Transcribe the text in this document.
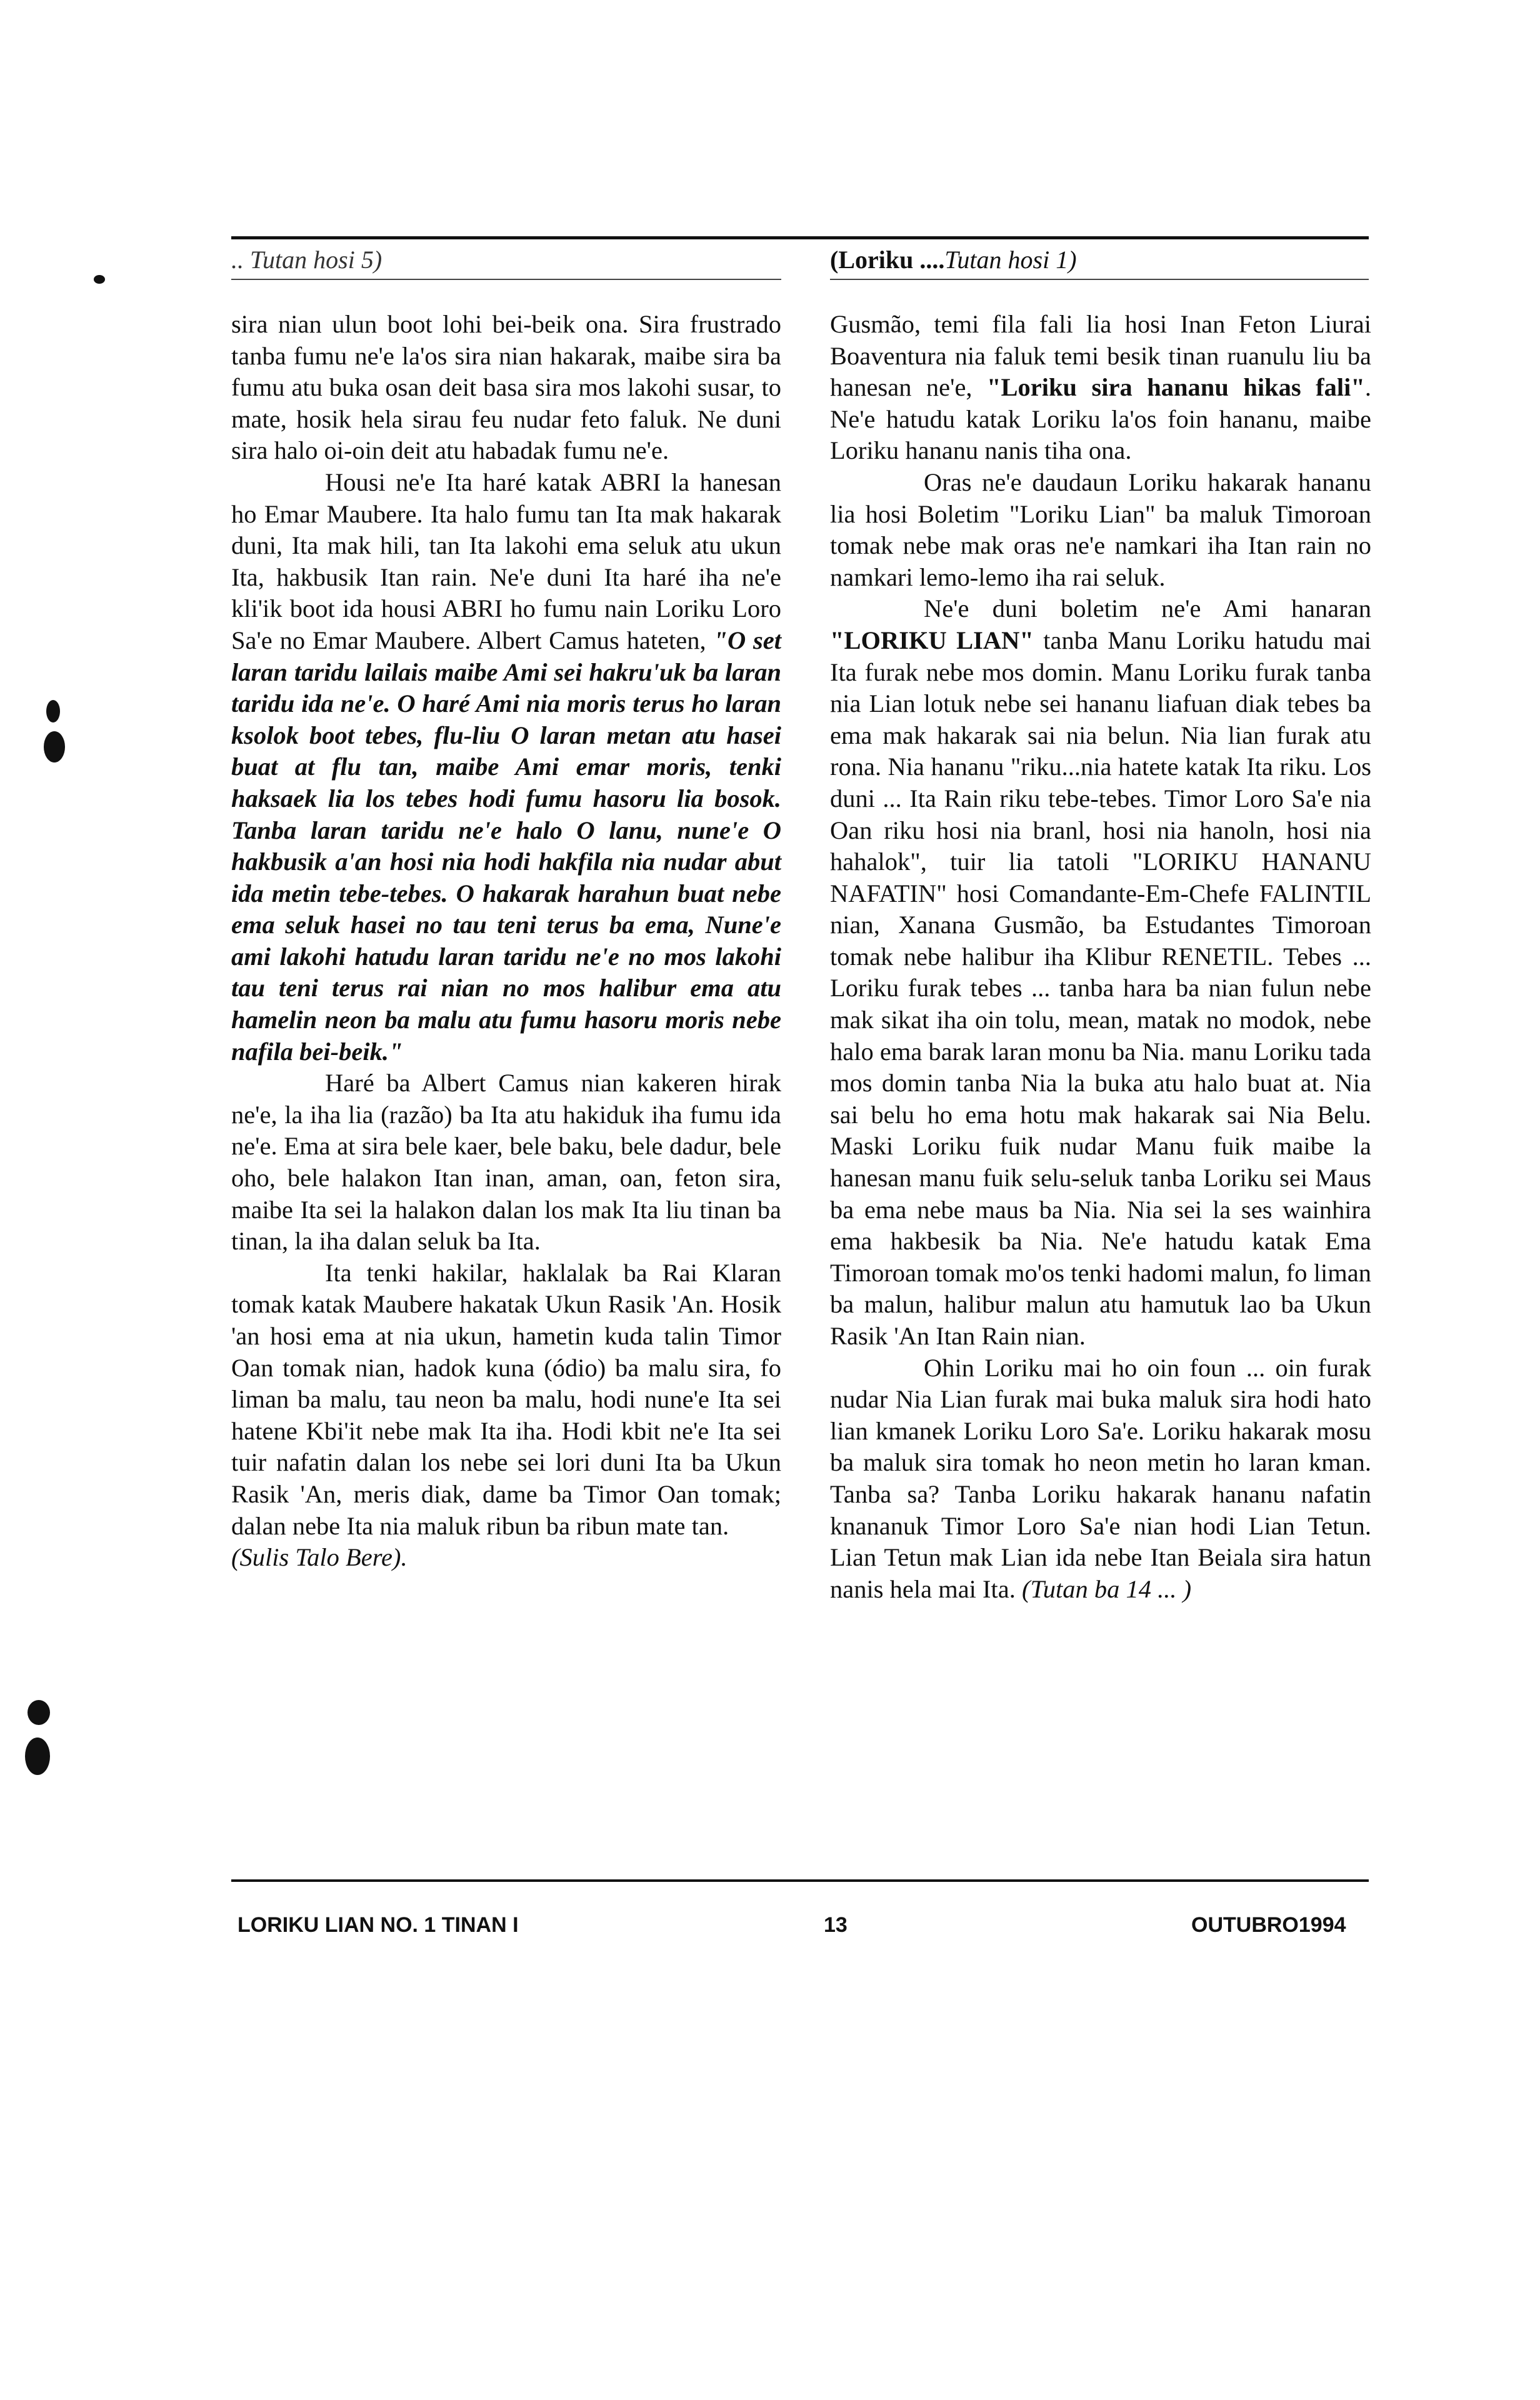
.. Tutan hosi 5)	(Loriku ....Tutan hosi 1)

sira nian ulun boot lohi bei-beik ona. Sira frustrado tanba fumu ne'e la'os sira nian hakarak, maibe sira ba fumu atu buka osan deit basa sira mos lakohi susar, to mate, hosik hela sirau feu nudar feto faluk. Ne duni sira halo oi-oin deit atu habadak fumu ne'e.

Housi ne'e Ita haré katak ABRI la hanesan ho Emar Maubere. Ita halo fumu tan Ita mak hakarak duni, Ita mak hili, tan Ita lakohi ema seluk atu ukun Ita, hakbusik Itan rain. Ne'e duni Ita haré iha ne'e kli'ik boot ida housi ABRI ho fumu nain Loriku Loro Sa'e no Emar Maubere. Albert Camus hateten, "O set laran taridu lailais maibe Ami sei hakru'uk ba laran taridu ida ne'e. O haré Ami nia moris terus ho laran ksolok boot tebes, flu-liu O laran metan atu hasei buat at flu tan, maibe Ami emar moris, tenki haksaek lia los tebes hodi fumu hasoru lia bosok. Tanba laran taridu ne'e halo O lanu, nune'e O hakbusik a'an hosi nia hodi hakfila nia nudar abut ida metin tebe-tebes. O hakarak harahun buat nebe ema seluk hasei no tau teni terus ba ema, Nune'e ami lakohi hatudu laran taridu ne'e no mos lakohi tau teni terus rai nian no mos halibur ema atu hamelin neon ba malu atu fumu hasoru moris nebe nafila bei-beik."

Haré ba Albert Camus nian kakeren hirak ne'e, la iha lia (razão) ba Ita atu hakiduk iha fumu ida ne'e. Ema at sira bele kaer, bele baku, bele dadur, bele oho, bele halakon Itan inan, aman, oan, feton sira, maibe Ita sei la halakon dalan los mak Ita liu tinan ba tinan, la iha dalan seluk ba Ita.

Ita tenki hakilar, haklalak ba Rai Klaran tomak katak Maubere hakatak Ukun Rasik 'An. Hosik 'an hosi ema at nia ukun, hametin kuda talin Timor Oan tomak nian, hadok kuna (ódio) ba malu sira, fo liman ba malu, tau neon ba malu, hodi nune'e Ita sei hatene Kbi'it nebe mak Ita iha. Hodi kbit ne'e Ita sei tuir nafatin dalan los nebe sei lori duni Ita ba Ukun Rasik 'An, meris diak, dame ba Timor Oan tomak; dalan nebe Ita nia maluk ribun ba ribun mate tan.

(Sulis Talo Bere).

Gusmão, temi fila fali lia hosi Inan Feton Liurai Boaventura nia faluk temi besik tinan ruanulu liu ba hanesan ne'e, "Loriku sira hananu hikas fali". Ne'e hatudu katak Loriku la'os foin hananu, maibe Loriku hananu nanis tiha ona.

Oras ne'e daudaun Loriku hakarak hananu lia hosi Boletim "Loriku Lian" ba maluk Timoroan tomak nebe mak oras ne'e namkari iha Itan rain no namkari lemo-lemo iha rai seluk.

Ne'e duni boletim ne'e Ami hanaran "LORIKU LIAN" tanba Manu Loriku hatudu mai Ita furak nebe mos domin. Manu Loriku furak tanba nia Lian lotuk nebe sei hananu liafuan diak tebes ba ema mak hakarak sai nia belun. Nia lian furak atu rona. Nia hananu "riku...nia hatete katak Ita riku. Los duni ... Ita Rain riku tebe-tebes. Timor Loro Sa'e nia Oan riku hosi nia branl, hosi nia hanoln, hosi nia hahalok", tuir lia tatoli "LORIKU HANANU NAFATIN" hosi Comandante-Em-Chefe FALINTIL nian, Xanana Gusmão, ba Estudantes Timoroan tomak nebe halibur iha Klibur RENETIL. Tebes ... Loriku furak tebes ... tanba hara ba nian fulun nebe mak sikat iha oin tolu, mean, matak no modok, nebe halo ema barak laran monu ba Nia. manu Loriku tada mos domin tanba Nia la buka atu halo buat at. Nia sai belu ho ema hotu mak hakarak sai Nia Belu. Maski Loriku fuik nudar Manu fuik maibe la hanesan manu fuik selu-seluk tanba Loriku sei Maus ba ema nebe maus ba Nia. Nia sei la ses wainhira ema hakbesik ba Nia. Ne'e hatudu katak Ema Timoroan tomak mo'os tenki hadomi malun, fo liman ba malun, halibur malun atu hamutuk lao ba Ukun Rasik 'An Itan Rain nian.

Ohin Loriku mai ho oin foun ... oin furak nudar Nia Lian furak mai buka maluk sira hodi hato lian kmanek Loriku Loro Sa'e. Loriku hakarak mosu ba maluk sira tomak ho neon metin ho laran kman. Tanba sa? Tanba Loriku hakarak hananu nafatin knananuk Timor Loro Sa'e nian hodi Lian Tetun. Lian Tetun mak Lian ida nebe Itan Beiala sira hatun nanis hela mai Ita. (Tutan ba 14 ... )

LORIKU LIAN NO. 1 TINAN I	13	OUTUBRO1994
